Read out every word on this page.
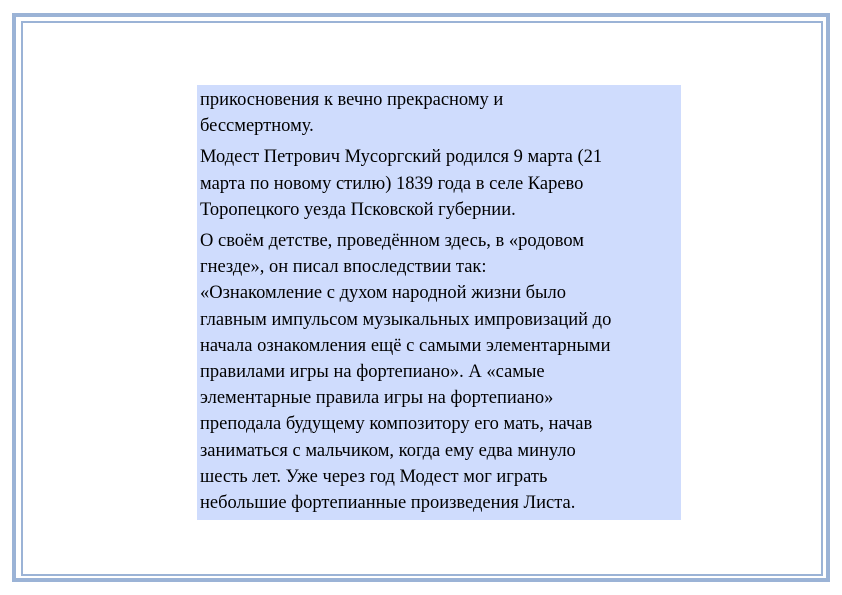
прикосновения к вечно прекрасному и
бессмертному.

Модест Петрович Мусоргский родился 9 марта (21
марта по новому стилю) 1839 года в селе Карево
Торопецкого уезда Псковской губернии.

О своём детстве, проведённом здесь, в «родовом
гнезде», он писал впоследствии так:
«Ознакомление с духом народной жизни было
главным импульсом музыкальных импровизаций до
начала ознакомления ещё с самыми элементарными
правилами игры на фортепиано». А «самые
элементарные правила игры на фортепиано»
преподала будущему композитору его мать, начав
заниматься с мальчиком, когда ему едва минуло
шесть лет. Уже через год Модест мог играть
небольшие фортепианные произведения Листа.
